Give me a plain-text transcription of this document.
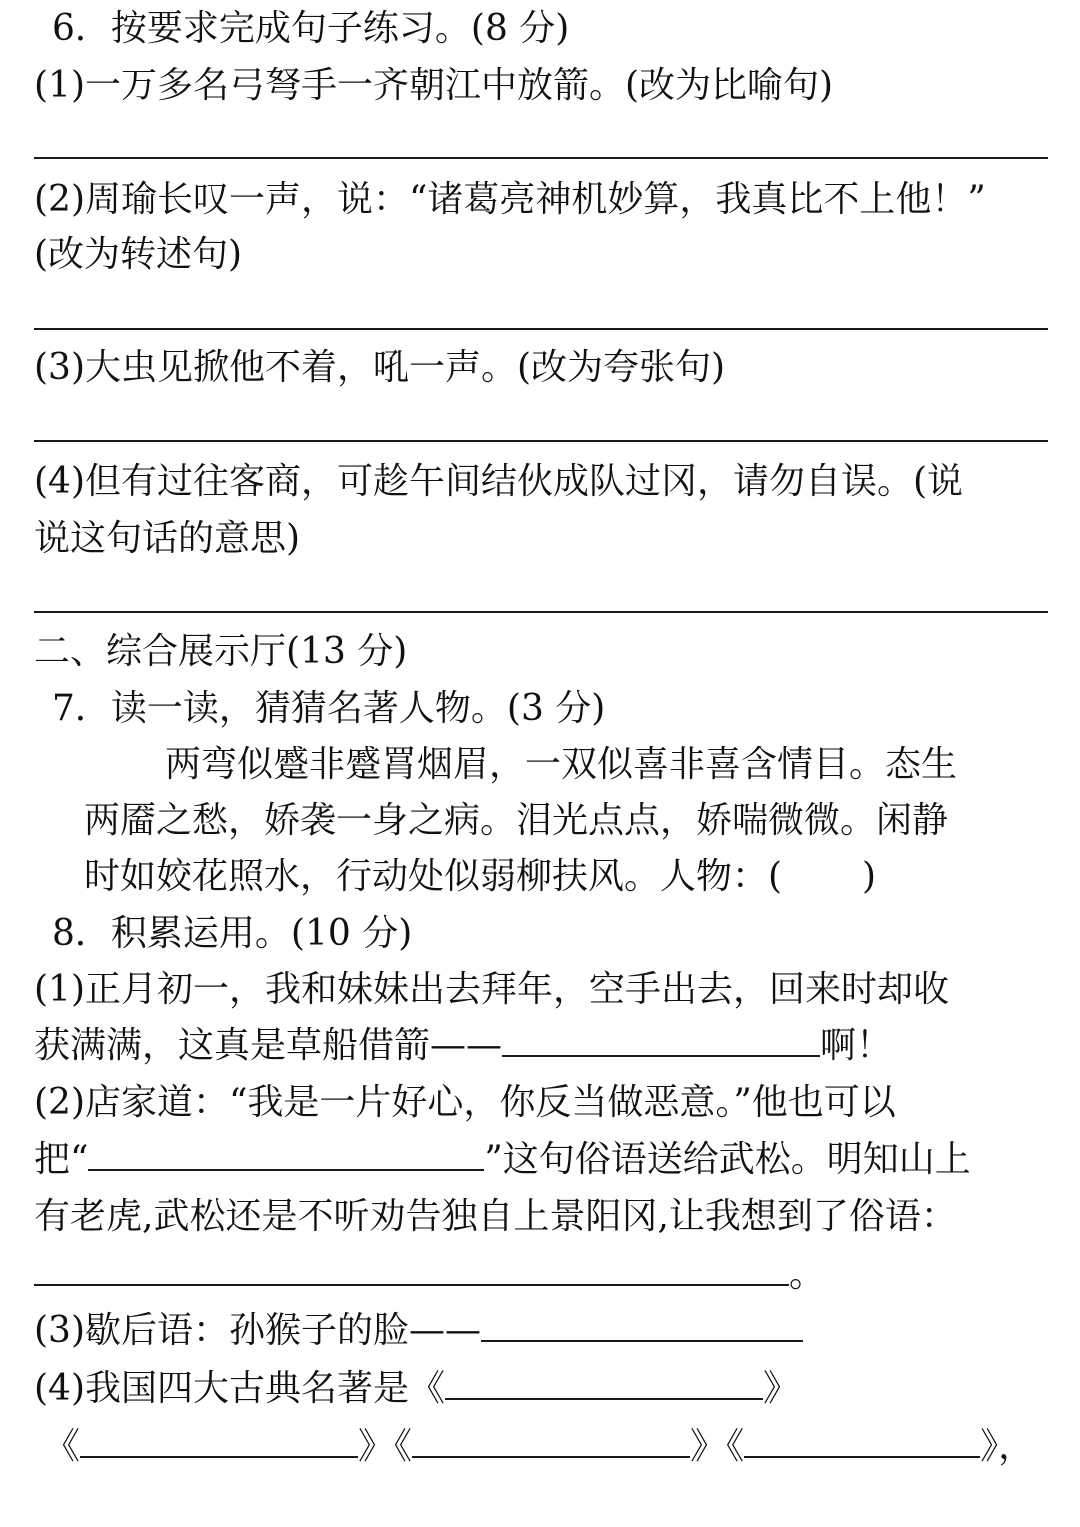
6．按要求完成句子练习。(8 分)
(1)一万多名弓弩手一齐朝江中放箭。(改为比喻句)
(2)周瑜长叹一声，说：“诸葛亮神机妙算，我真比不上他！”
(改为转述句)
(3)大虫见掀他不着，吼一声。(改为夸张句)
(4)但有过往客商，可趁午间结伙成队过冈，请勿自误。(说
说这句话的意思)
二、综合展示厅(13 分)
7．读一读，猜猜名著人物。(3 分)
两弯似蹙非蹙罥烟眉，一双似喜非喜含情目。态生
两靥之愁，娇袭一身之病。泪光点点，娇喘微微。闲静
时如姣花照水，行动处似弱柳扶风。人物：( )
8．积累运用。(10 分)
(1)正月初一，我和妹妹出去拜年，空手出去，回来时却收
获满满，这真是草船借箭——	啊！
(2)店家道：“我是一片好心，你反当做恶意。”他也可以
把“	”这句俗语送给武松。明知山上
有老虎,武松还是不听劝告独自上景阳冈,让我想到了俗语：
。
(3)歇后语：孙猴子的脸——
(4)我国四大古典名著是《	》
《	》《	》《	》，
